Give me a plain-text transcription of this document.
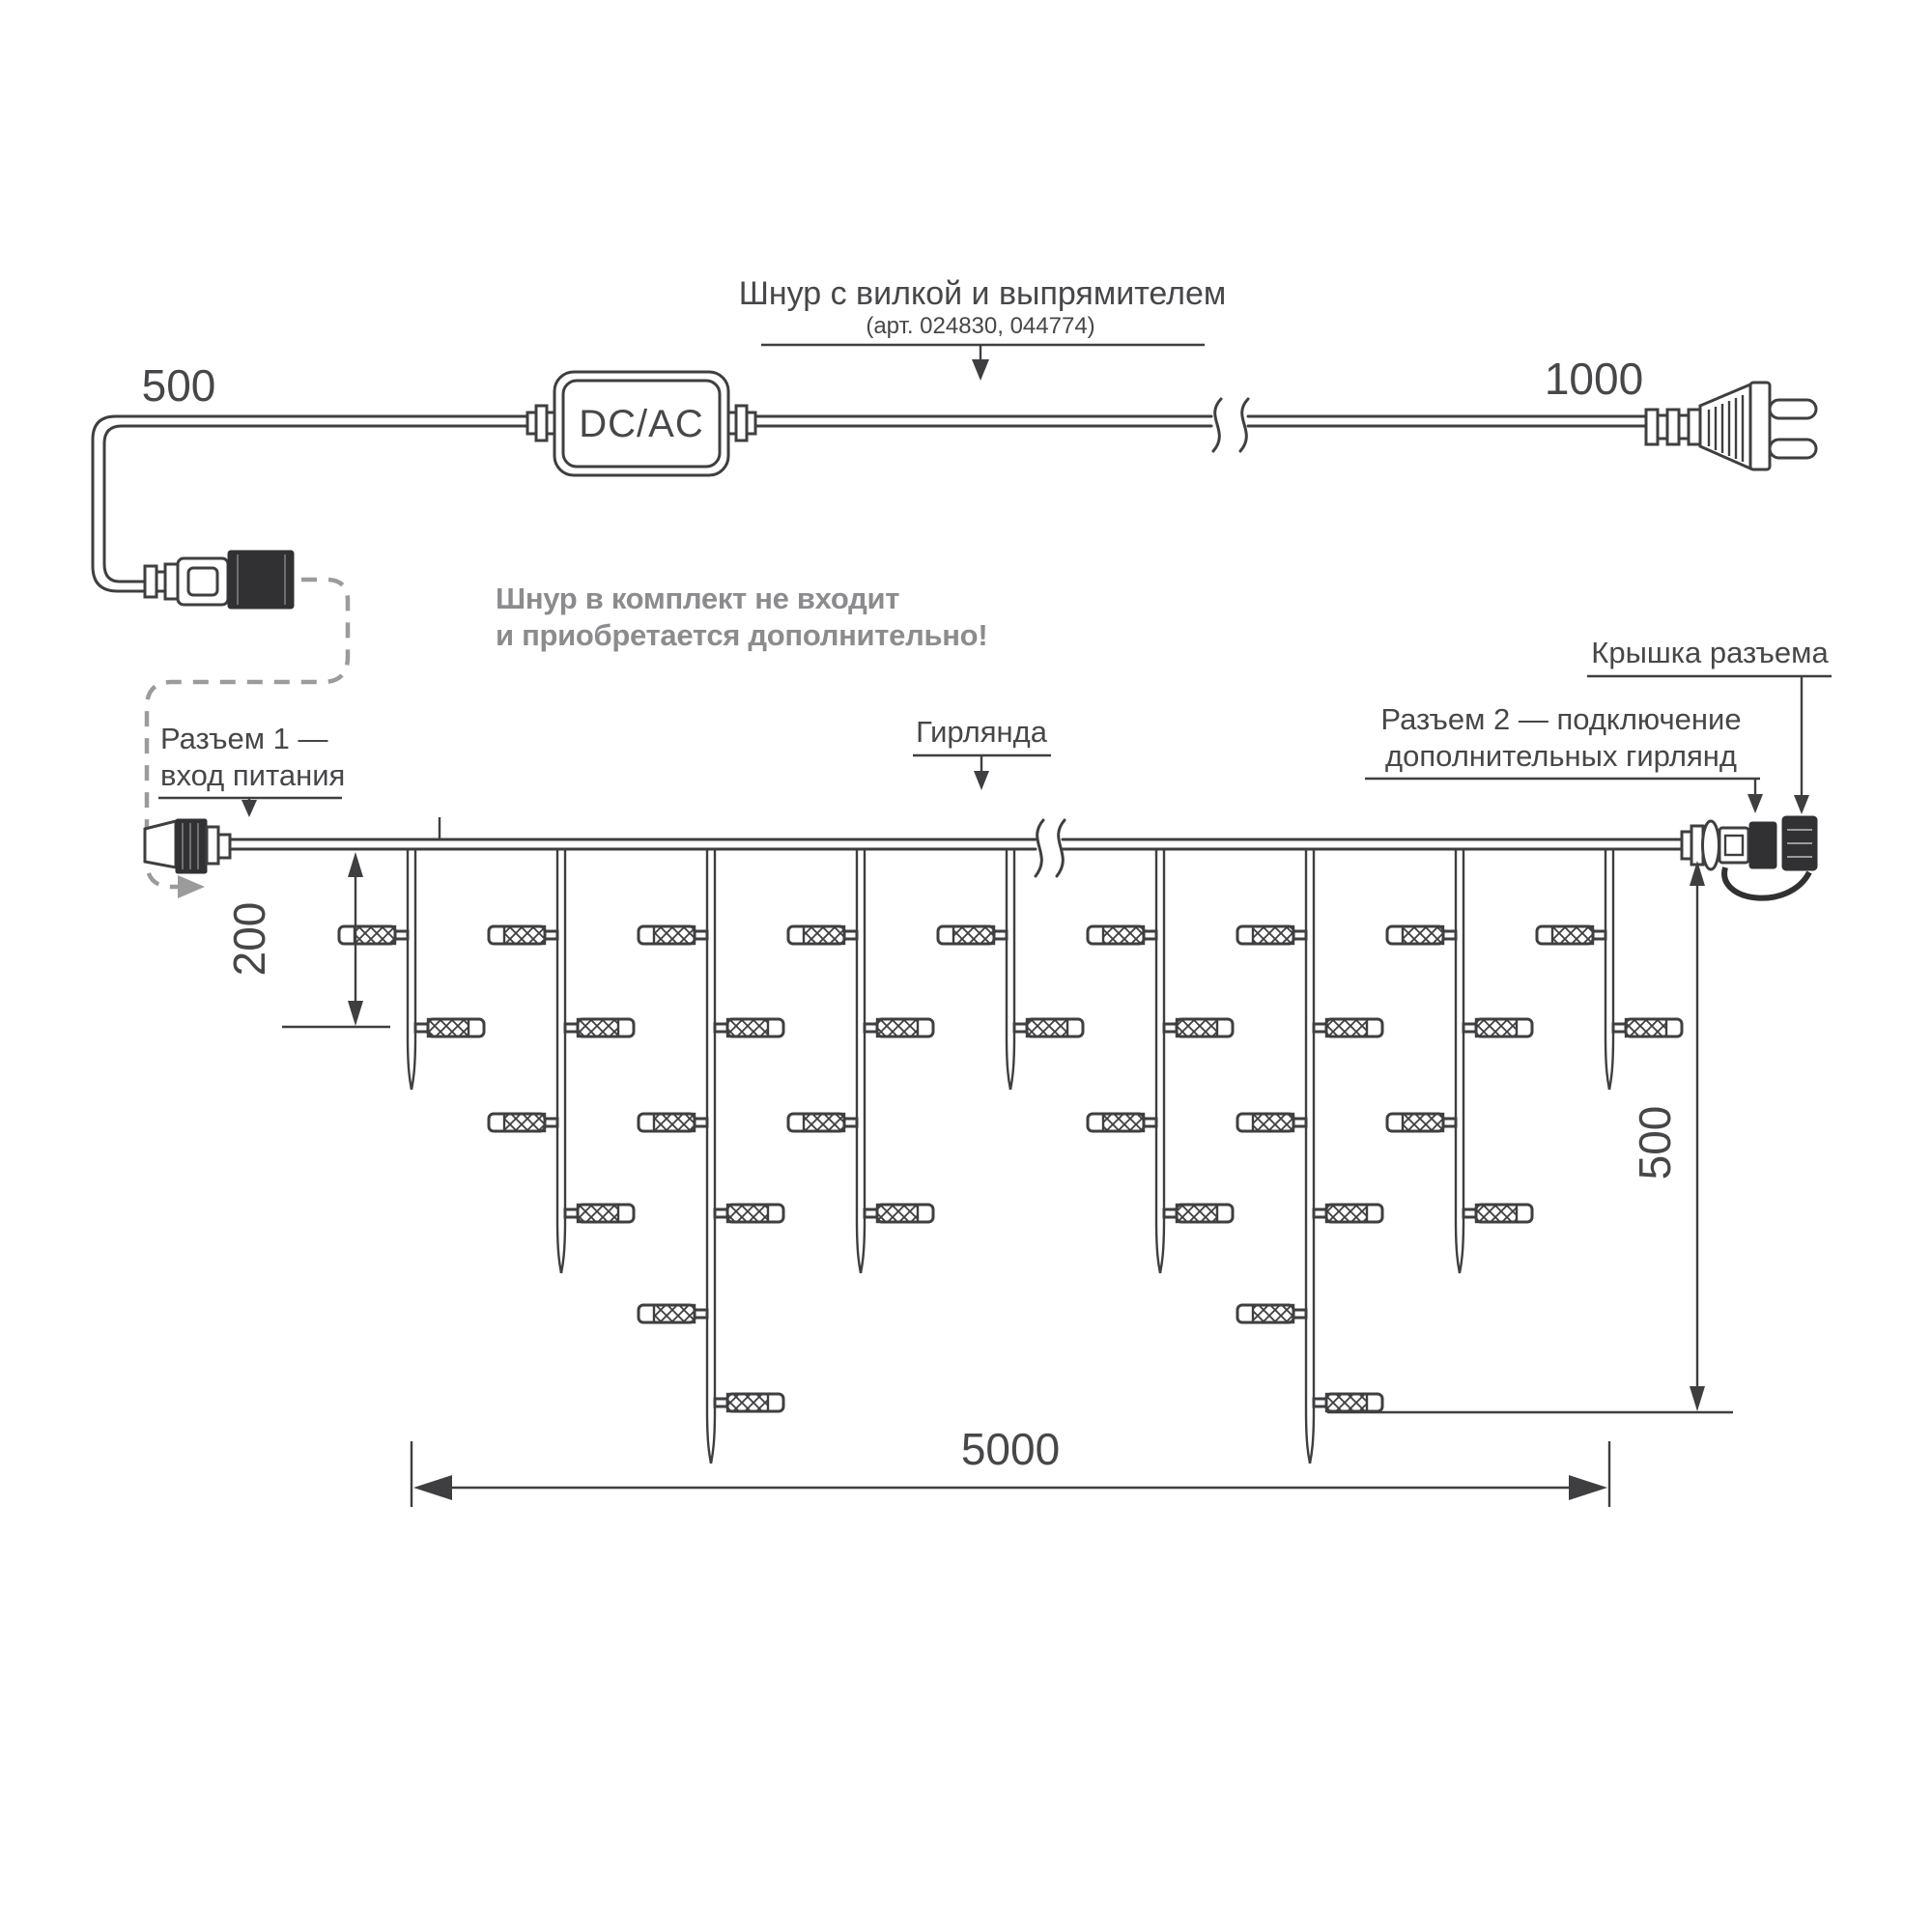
DC/AC
500	1000
Шнур с вилкой и выпрямителем
(арт. 024830, 044774)
Шнур в комплект не входит
и приобретается дополнительно!
Разъем 1 —
вход питания
Гирлянда	Разъем 2 — подключение
дополнительных гирлянд
Крышка разъема
200
500
5000
